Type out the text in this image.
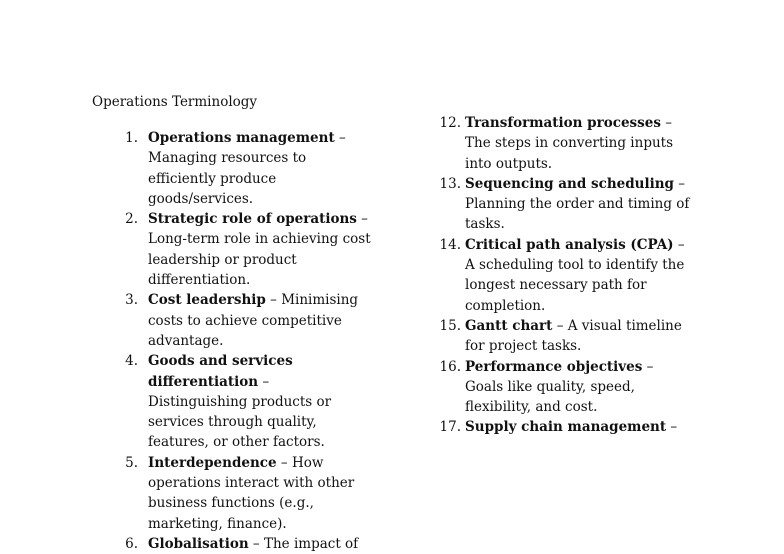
Operations Terminology
1. Operations management – Managing resources to efficiently produce goods/services.
2. Strategic role of operations – Long-term role in achieving cost leadership or product differentiation.
3. Cost leadership – Minimising costs to achieve competitive advantage.
4. Goods and services differentiation – Distinguishing products or services through quality, features, or other factors.
5. Interdependence – How operations interact with other business functions (e.g., marketing, finance).
6. Globalisation – The impact of
12. Transformation processes – The steps in converting inputs into outputs.
13. Sequencing and scheduling – Planning the order and timing of tasks.
14. Critical path analysis (CPA) – A scheduling tool to identify the longest necessary path for completion.
15. Gantt chart – A visual timeline for project tasks.
16. Performance objectives – Goals like quality, speed, flexibility, and cost.
17. Supply chain management –
